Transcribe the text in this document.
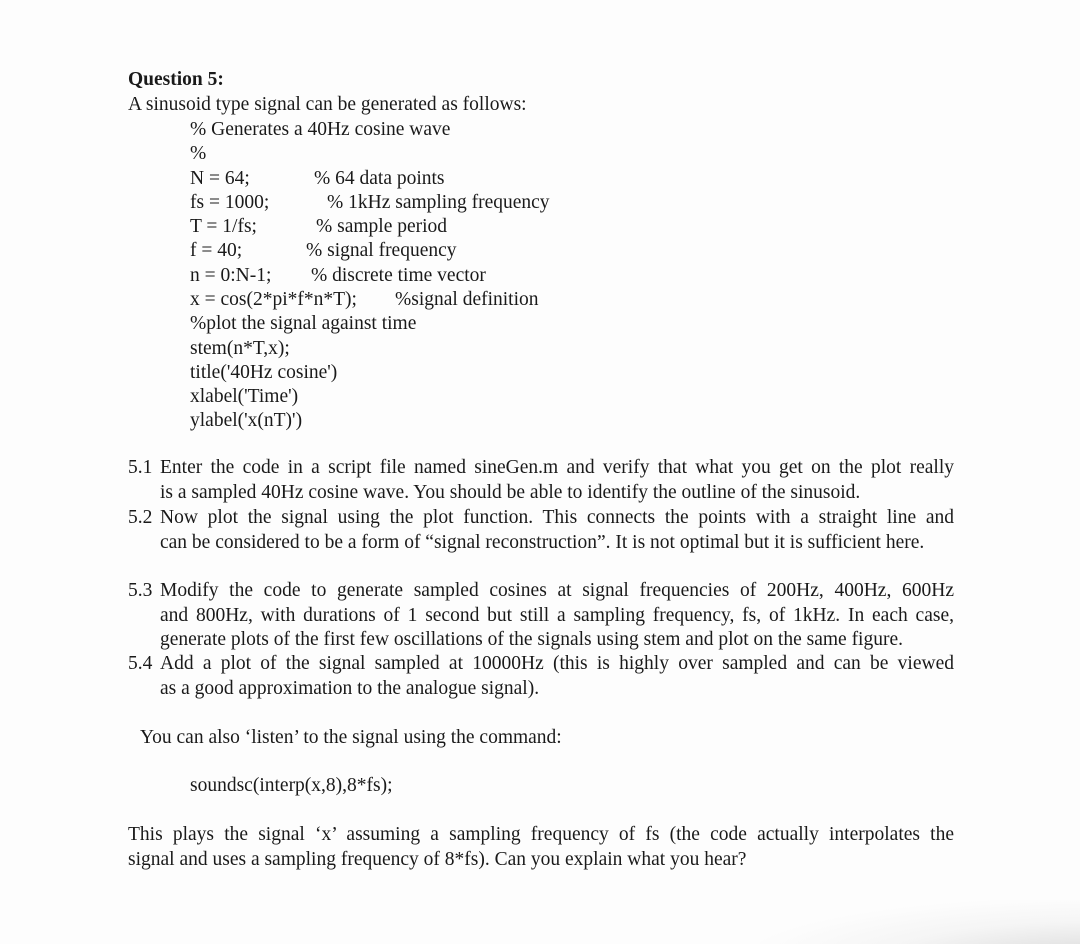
Question 5:
A sinusoid type signal can be generated as follows:
% Generates a 40Hz cosine wave
%
N = 64;	% 64 data points
fs = 1000;	% 1kHz sampling frequency
T = 1/fs;	% sample period
f = 40;	% signal frequency
n = 0:N-1; % discrete time vector
x = cos(2*pi*f*n*T); %signal definition
%plot the signal against time
stem(n*T,x);
title('40Hz cosine')
xlabel('Time')
ylabel('x(nT)')
5.1 Enter the code in a script file named sineGen.m and verify that what you get on the plot really
is a sampled 40Hz cosine wave. You should be able to identify the outline of the sinusoid.
5.2 Now plot the signal using the plot function. This connects the points with a straight line and
can be considered to be a form of “signal reconstruction”. It is not optimal but it is sufficient here.
5.3 Modify the code to generate sampled cosines at signal frequencies of 200Hz, 400Hz, 600Hz
and 800Hz, with durations of 1 second but still a sampling frequency, fs, of 1kHz. In each case, generate plots of the first few oscillations of the signals using stem and plot on the same figure.
5.4 Add a plot of the signal sampled at 10000Hz (this is highly over sampled and can be viewed
as a good approximation to the analogue signal).
You can also ‘listen’ to the signal using the command:
soundsc(interp(x,8),8*fs);
This plays the signal ‘x’ assuming a sampling frequency of fs (the code actually interpolates the
signal and uses a sampling frequency of 8*fs). Can you explain what you hear?
